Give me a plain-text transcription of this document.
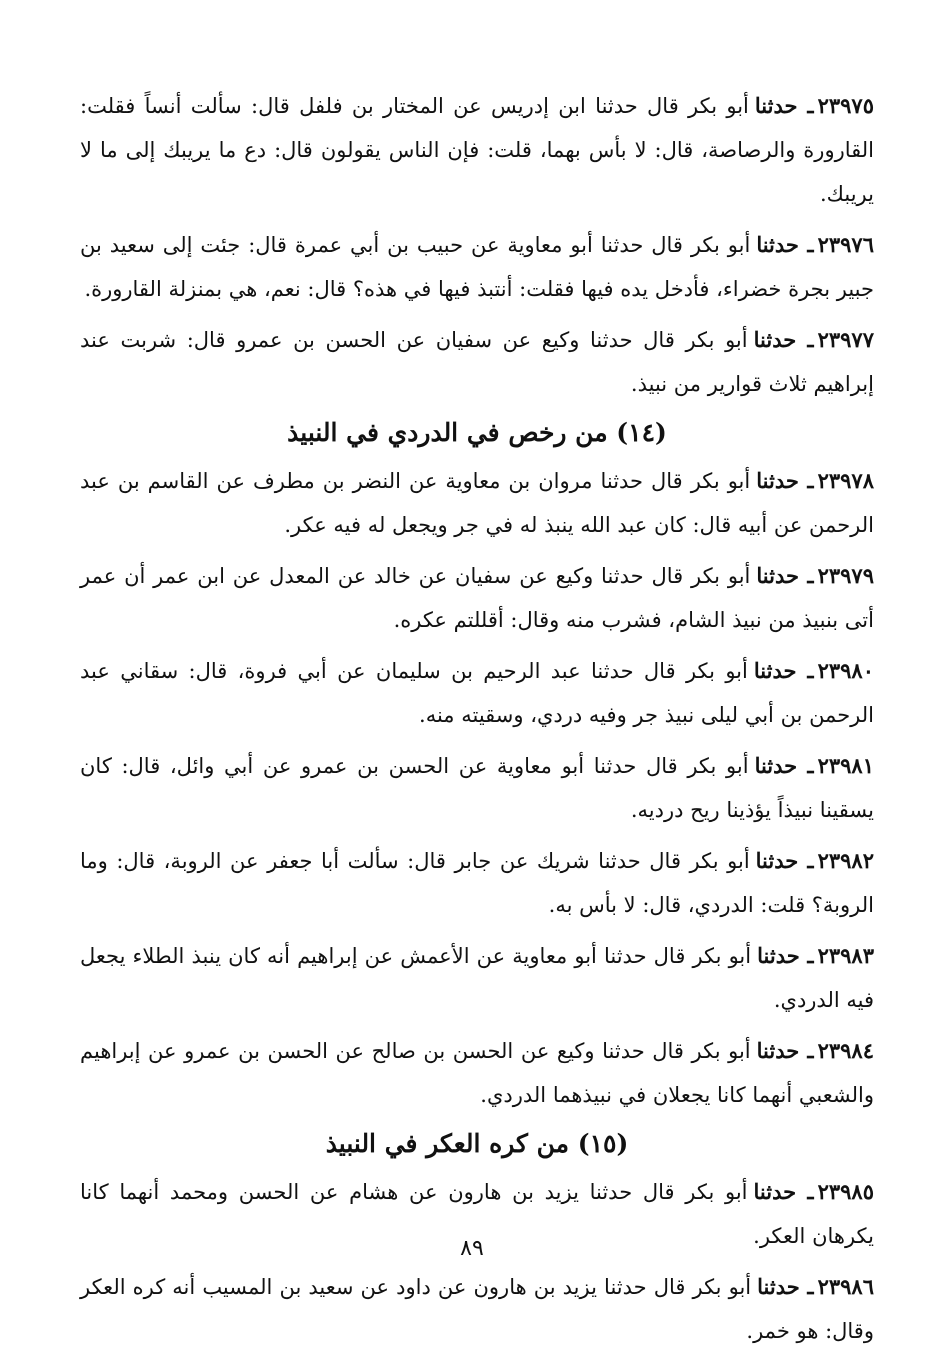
٢٣٩٧٥ـ حدثناأبو بكر قال حدثنا ابن إدريس عن المختار بن فلفل قال: سألت أنساً فقلت: القارورة والرصاصة، قال: لا بأس بهما، قلت: فإن الناس يقولون قال: دع ما يريبك إلى ما لا يريبك.

٢٣٩٧٦ـ حدثناأبو بكر قال حدثنا أبو معاوية عن حبيب بن أبي عمرة قال: جئت إلى سعيد بن جبير بجرة خضراء، فأدخل يده فيها فقلت: أنتبذ فيها في هذه؟ قال: نعم، هي بمنزلة القارورة.

٢٣٩٧٧ـ حدثناأبو بكر قال حدثنا وكيع عن سفيان عن الحسن بن عمرو قال: شربت عند إبراهيم ثلاث قوارير من نبيذ.

(١٤) من رخص في الدردي في النبيذ

٢٣٩٧٨ـ حدثناأبو بكر قال حدثنا مروان بن معاوية عن النضر بن مطرف عن القاسم بن عبد الرحمن عن أبيه قال: كان عبد الله ينبذ له في جر ويجعل له فيه عكر.

٢٣٩٧٩ـ حدثناأبو بكر قال حدثنا وكيع عن سفيان عن خالد عن المعدل عن ابن عمر أن عمر أتى بنبيذ من نبيذ الشام، فشرب منه وقال: أقللتم عكره.

٢٣٩٨٠ـ حدثناأبو بكر قال حدثنا عبد الرحيم بن سليمان عن أبي فروة، قال: سقاني عبد الرحمن بن أبي ليلى نبيذ جر وفيه دردي، وسقيته منه.

٢٣٩٨١ـ حدثناأبو بكر قال حدثنا أبو معاوية عن الحسن بن عمرو عن أبي وائل، قال: كان يسقينا نبيذاً يؤذينا ريح درديه.

٢٣٩٨٢ـ حدثناأبو بكر قال حدثنا شريك عن جابر قال: سألت أبا جعفر عن الروبة، قال: وما الروبة؟ قلت: الدردي، قال: لا بأس به.

٢٣٩٨٣ـ حدثناأبو بكر قال حدثنا أبو معاوية عن الأعمش عن إبراهيم أنه كان ينبذ الطلاء يجعل فيه الدردي.

٢٣٩٨٤ـ حدثناأبو بكر قال حدثنا وكيع عن الحسن بن صالح عن الحسن بن عمرو عن إبراهيم والشعبي أنهما كانا يجعلان في نبيذهما الدردي.

(١٥) من كره العكر في النبيذ

٢٣٩٨٥ـ حدثناأبو بكر قال حدثنا يزيد بن هارون عن هشام عن الحسن ومحمد أنهما كانا يكرهان العكر.

٢٣٩٨٦ـ حدثناأبو بكر قال حدثنا يزيد بن هارون عن داود عن سعيد بن المسيب أنه كره العكر وقال: هو خمر.

٨٩
